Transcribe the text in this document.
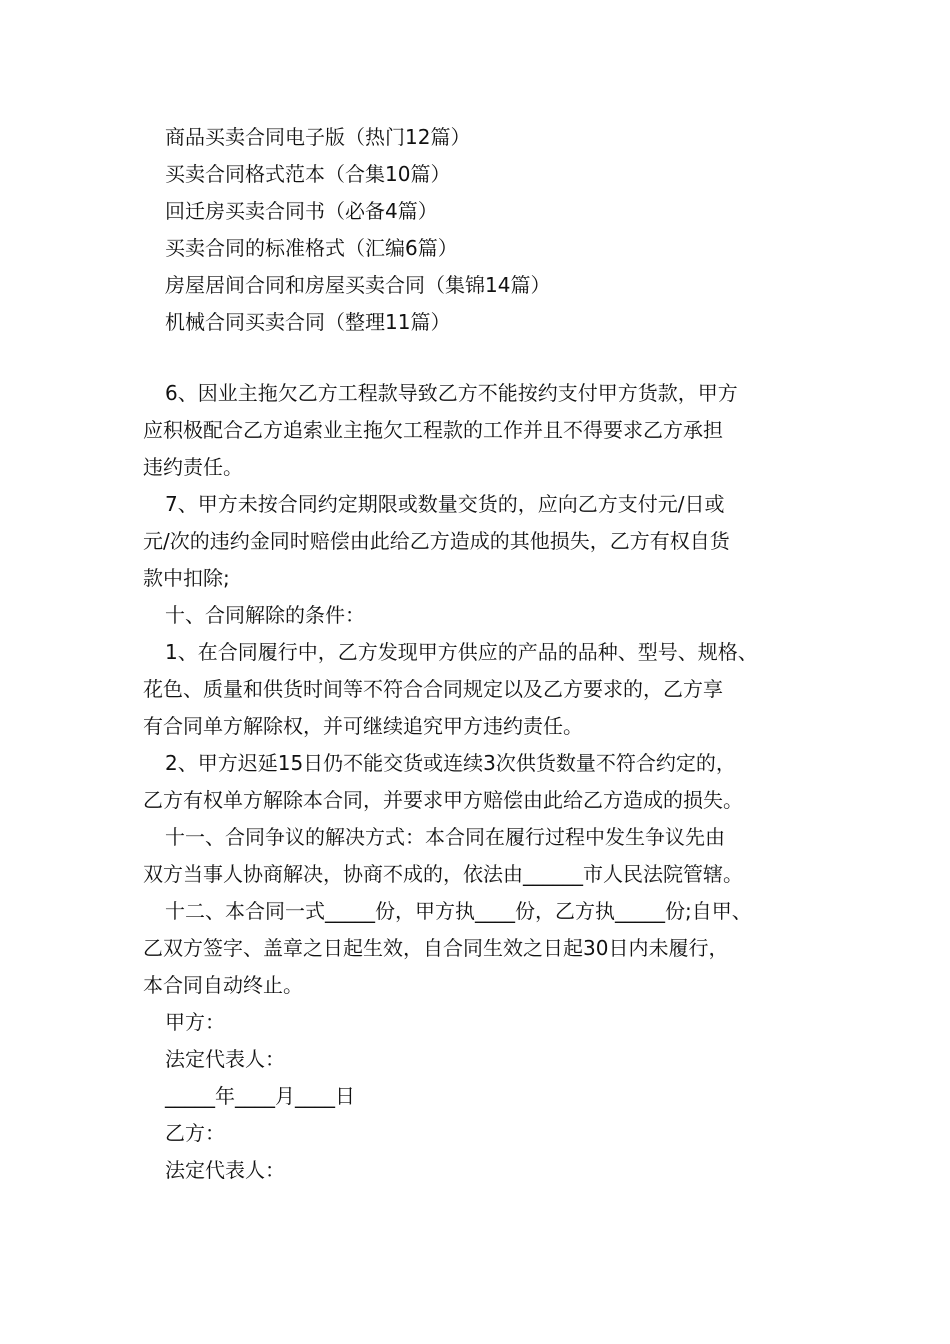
商品买卖合同电子版（热门12篇）
买卖合同格式范本（合集10篇）
回迁房买卖合同书（必备4篇）
买卖合同的标准格式（汇编6篇）
房屋居间合同和房屋买卖合同（集锦14篇）
机械合同买卖合同（整理11篇）
6、因业主拖欠乙方工程款导致乙方不能按约支付甲方货款，甲方
应积极配合乙方追索业主拖欠工程款的工作并且不得要求乙方承担
违约责任。
7、甲方未按合同约定期限或数量交货的，应向乙方支付元/日或
元/次的违约金同时赔偿由此给乙方造成的其他损失，乙方有权自货
款中扣除;
十、合同解除的条件：
1、在合同履行中，乙方发现甲方供应的产品的品种、型号、规格、
花色、质量和供货时间等不符合合同规定以及乙方要求的，乙方享
有合同单方解除权，并可继续追究甲方违约责任。
2、甲方迟延15日仍不能交货或连续3次供货数量不符合约定的，
乙方有权单方解除本合同，并要求甲方赔偿由此给乙方造成的损失。
十一、合同争议的解决方式：本合同在履行过程中发生争议先由
双方当事人协商解决，协商不成的，依法由______市人民法院管辖。
十二、本合同一式_____份，甲方执____份，乙方执_____份;自甲、
乙双方签字、盖章之日起生效，自合同生效之日起30日内未履行，
本合同自动终止。
甲方：
法定代表人：
_____年____月____日
乙方：
法定代表人：
